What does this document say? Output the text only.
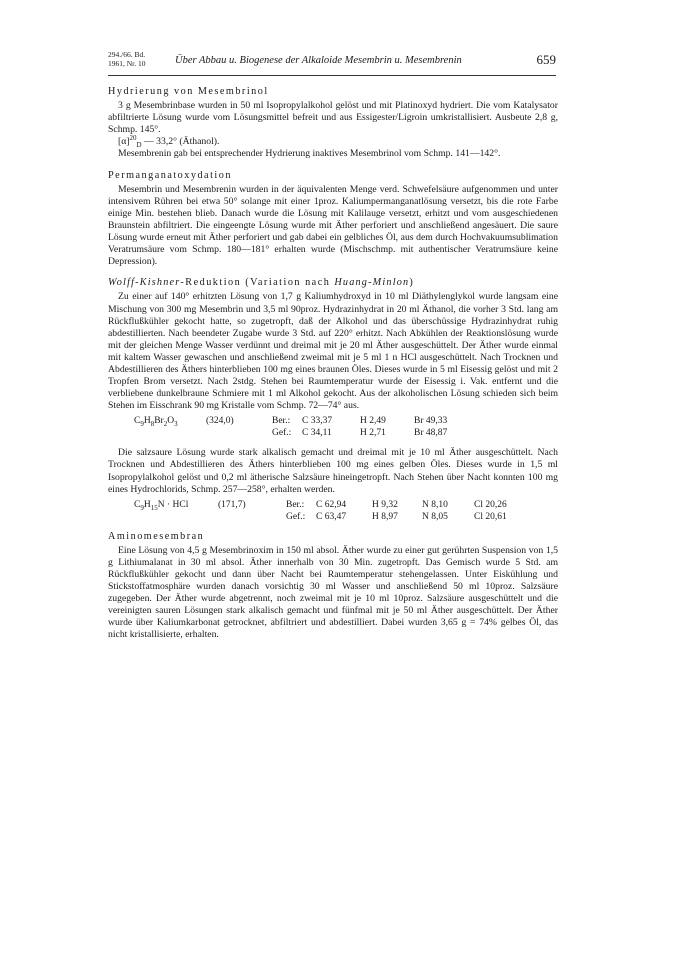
294./66. Bd.
1961, Nr. 10	Über Abbau u. Biogenese der Alkaloide Mesembrin u. Mesembrenin	659
Hydrierung von Mesembrinol

3 g Mesembrinbase wurden in 50 ml Isopropylalkohol gelöst und mit Platinoxyd hydriert. Die vom Katalysator abfiltrierte Lösung wurde vom Lösungsmittel befreit und aus Essigester/Ligroin umkristallisiert. Ausbeute 2,8 g, Schmp. 145°.

$[\alpha]^{20}_D$ — 33,2° (Äthanol).

Mesembrenin gab bei entsprechender Hydrierung inaktives Mesembrinol vom Schmp. 141—142°.

Permanganatoxydation

Mesembrin und Mesembrenin wurden in der äquivalenten Menge verd. Schwefelsäure aufgenommen und unter intensivem Rühren bei etwa 50° solange mit einer 1proz. Kaliumpermanganatlösung versetzt, bis die rote Farbe einige Min. bestehen blieb. Danach wurde die Lösung mit Kalilauge versetzt, erhitzt und vom ausgeschiedenen Braunstein abfiltriert. Die eingeengte Lösung wurde mit Äther perforiert und anschließend angesäuert. Die saure Lösung wurde erneut mit Äther perforiert und gab dabei ein gelbliches Öl, aus dem durch Hochvakuumsublimation Veratrumsäure vom Schmp. 180—181° erhalten wurde (Mischschmp. mit authentischer Veratrumsäure keine Depression).

Wolff-Kishner-Reduktion (Variation nach Huang-Minlon)

Zu einer auf 140° erhitzten Lösung von 1,7 g Kaliumhydroxyd in 10 ml Diäthylenglykol wurde langsam eine Mischung von 300 mg Mesembrin und 3,5 ml 90proz. Hydrazinhydrat in 20 ml Äthanol, die vorher 3 Std. lang am Rückflußkühler gekocht hatte, so zugetropft, daß der Alkohol und das überschüssige Hydrazinhydrat ruhig abdestillierten. Nach beendeter Zugabe wurde 3 Std. auf 220° erhitzt. Nach Abkühlen der Reaktionslösung wurde mit der gleichen Menge Wasser verdünnt und dreimal mit je 20 ml Äther ausgeschüttelt. Der Äther wurde einmal mit kaltem Wasser gewaschen und anschließend zweimal mit je 5 ml 1 n HCl ausgeschüttelt. Nach Trocknen und Abdestillieren des Äthers hinterblieben 100 mg eines braunen Öles. Dieses wurde in 5 ml Eisessig gelöst und mit 2 Tropfen Brom versetzt. Nach 2stdg. Stehen bei Raumtemperatur wurde der Eisessig i. Vak. entfernt und die verbliebene dunkelbraune Schmiere mit 1 ml Alkohol gekocht. Aus der alkoholischen Lösung schieden sich beim Stehen im Eisschrank 90 mg Kristalle vom Schmp. 72—74° aus.

$C_9H_8Br_2O_3$	(324,0)	Ber.: C 33,37	H 2,49	Br 49,33
Gef.: C 34,11	H 2,71	Br 48,87

Die salzsaure Lösung wurde stark alkalisch gemacht und dreimal mit je 10 ml Äther ausgeschüttelt. Nach Trocknen und Abdestillieren des Äthers hinterblieben 100 mg eines gelben Öles. Dieses wurde in 1,5 ml Isopropylalkohol gelöst und 0,2 ml ätherische Salzsäure hineingetropft. Nach Stehen über Nacht konnten 100 mg eines Hydrochlorids, Schmp. 257—258°, erhalten werden.

$C_9H_{15}N$ · HCl	(171,7)	Ber.: C 62,94	H 9,32	N 8,10	Cl 20,26
Gef.: C 63,47	H 8,97	N 8,05	Cl 20,61
Aminomesembran

Eine Lösung von 4,5 g Mesembrinoxim in 150 ml absol. Äther wurde zu einer gut gerührten Suspension von 1,5 g Lithiumalanat in 30 ml absol. Äther innerhalb von 30 Min. zugetropft. Das Gemisch wurde 5 Std. am Rückflußkühler gekocht und dann über Nacht bei Raumtemperatur stehengelassen. Unter Eiskühlung und Stickstoffatmosphäre wurden danach vorsichtig 30 ml Wasser und anschließend 50 ml 10proz. Salzsäure zugegeben. Der Äther wurde abgetrennt, noch zweimal mit je 10 ml 10proz. Salzsäure ausgeschüttelt und die vereinigten sauren Lösungen stark alkalisch gemacht und fünfmal mit je 50 ml Äther ausgeschüttelt. Der Äther wurde über Kaliumkarbonat getrocknet, abfiltriert und abdestilliert. Dabei wurden 3,65 g = 74% gelbes Öl, das nicht kristallisierte, erhalten.
